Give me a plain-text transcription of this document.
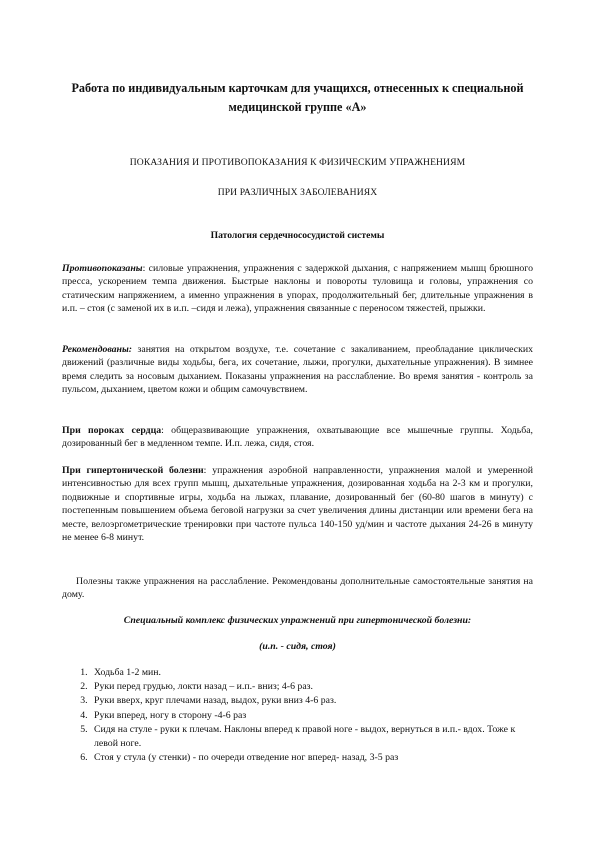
Работа по индивидуальным карточкам для учащихся, отнесенных к специальной медицинской группе «А»
ПОКАЗАНИЯ И ПРОТИВОПОКАЗАНИЯ К ФИЗИЧЕСКИМ УПРАЖНЕНИЯМ
ПРИ РАЗЛИЧНЫХ ЗАБОЛЕВАНИЯХ
Патология сердечнососудистой системы

Противопоказаны: силовые упражнения, упражнения с задержкой дыхания, с напряжением мышц брюшного пресса, ускорением темпа движения. Быстрые наклоны и повороты туловища и головы, упражнения со статическим напряжением, а именно упражнения в упорах, продолжительный бег, длительные упражнения в и.п. – стоя (с заменой их в и.п. –сидя и лежа), упражнения связанные с переносом тяжестей, прыжки.

Рекомендованы: занятия на открытом воздухе, т.е. сочетание с закаливанием, преобладание циклических движений (различные виды ходьбы, бега, их сочетание, лыжи, прогулки, дыхательные упражнения). В зимнее время следить за носовым дыханием. Показаны упражнения на расслабление. Во время занятия - контроль за пульсом, дыханием, цветом кожи и общим самочувствием.

При пороках сердца: общеразвивающие упражнения, охватывающие все мышечные группы. Ходьба, дозированный бег в медленном темпе. И.п. лежа, сидя, стоя.

При гипертонической болезни: упражнения аэробной направленности, упражнения малой и умеренной интенсивностью для всех групп мышц, дыхательные упражнения, дозированная ходьба на 2-3 км и прогулки, подвижные и спортивные игры, ходьба на лыжах, плавание, дозированный бег (60-80 шагов в минуту) с постепенным повышением объема беговой нагрузки за счет увеличения длины дистанции или времени бега на месте, велоэргометрические тренировки при частоте пульса 140-150 уд/мин и частоте дыхания 24-26 в минуту не менее 6-8 минут.

Полезны также упражнения на расслабление. Рекомендованы дополнительные самостоятельные занятия на дому.

Специальный комплекс физических упражнений при гипертонической болезни:
(и.п. - сидя, стоя)
1. Ходьба 1-2 мин.
2. Руки перед грудью, локти назад – и.п.- вниз; 4-6 раз.
3. Руки вверх, круг плечами назад, выдох, руки вниз 4-6 раз.
4. Руки вперед, ногу в сторону -4-6 раз
5. Сидя на стуле - руки к плечам. Наклоны вперед к правой ноге - выдох, вернуться в и.п.- вдох. Тоже к левой ноге.
6. Стоя у стула (у стенки) - по очереди отведение ног вперед- назад, 3-5 раз
